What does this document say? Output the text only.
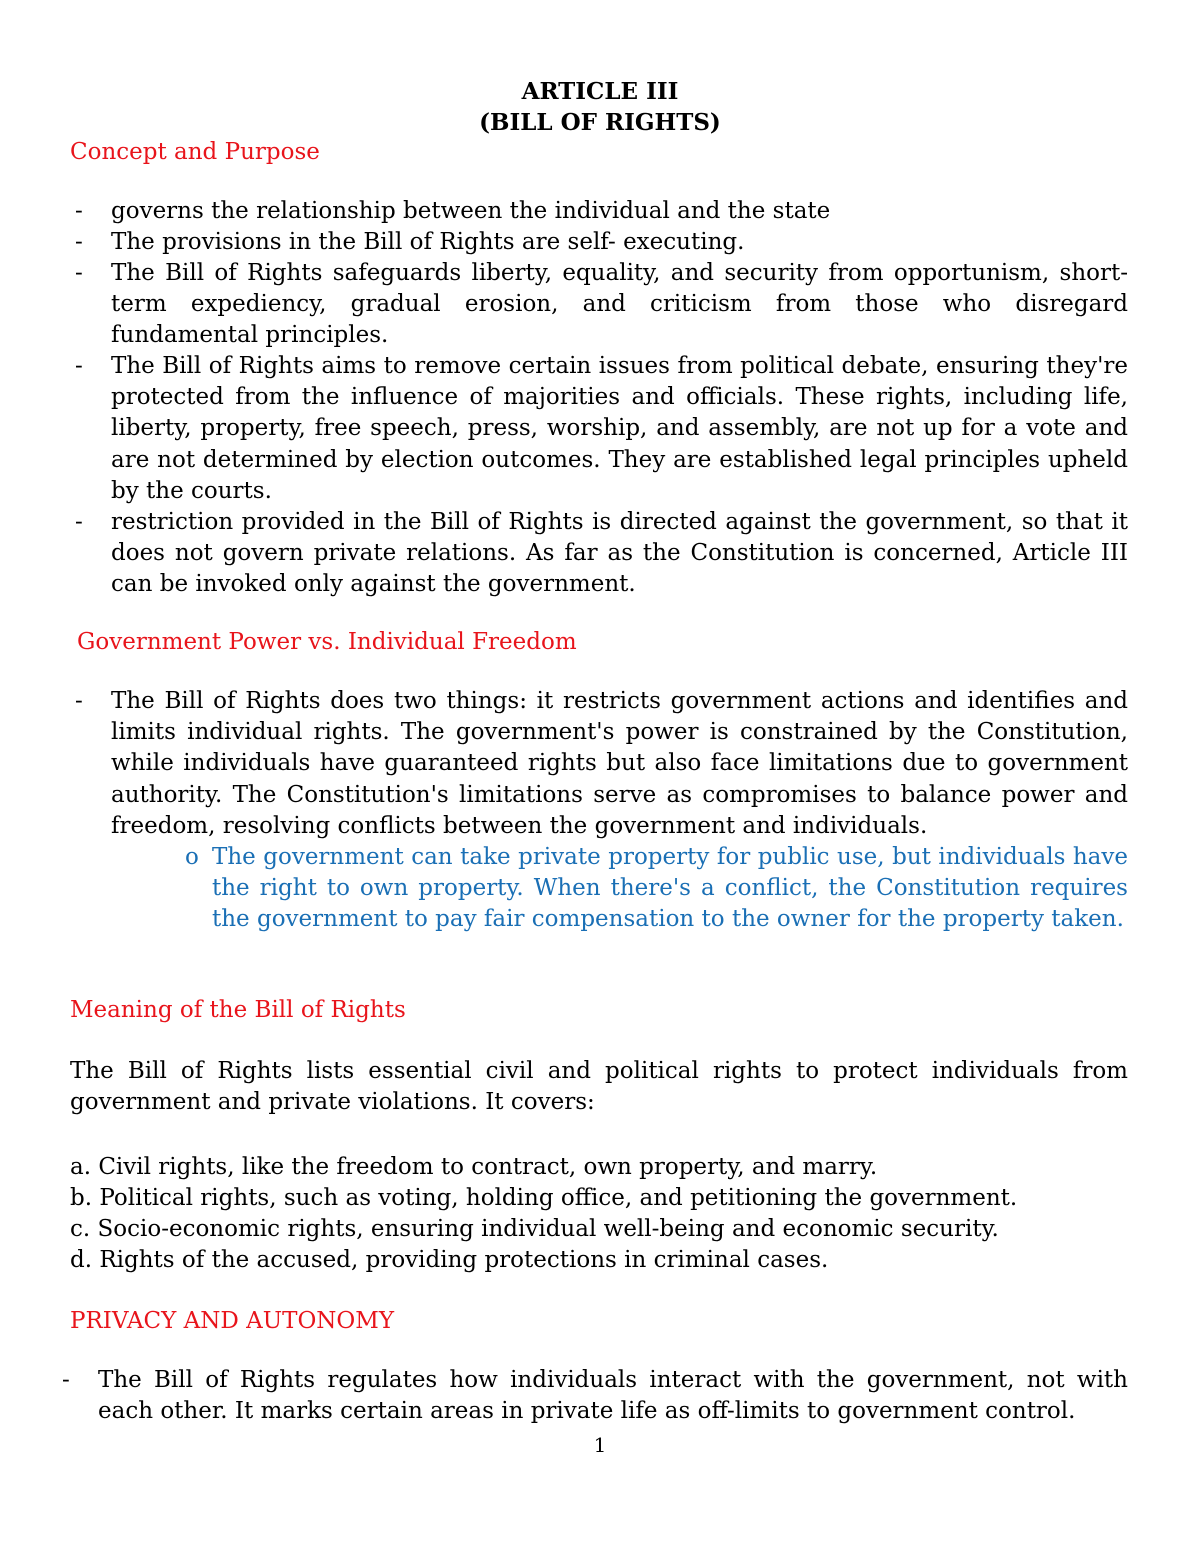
ARTICLE III
(BILL OF RIGHTS)
Concept and Purpose
- governs the relationship between the individual and the state
- The provisions in the Bill of Rights are self- executing.
- The Bill of Rights safeguards liberty, equality, and security from opportunism, short-term expediency, gradual erosion, and criticism from those who disregard fundamental principles.
- The Bill of Rights aims to remove certain issues from political debate, ensuring they're protected from the influence of majorities and officials. These rights, including life, liberty, property, free speech, press, worship, and assembly, are not up for a vote and are not determined by election outcomes. They are established legal principles upheld by the courts.
- restriction provided in the Bill of Rights is directed against the government, so that it does not govern private relations. As far as the Constitution is concerned, Article III can be invoked only against the government.
Government Power vs. Individual Freedom
- The Bill of Rights does two things: it restricts government actions and identifies and limits individual rights. The government's power is constrained by the Constitution, while individuals have guaranteed rights but also face limitations due to government authority. The Constitution's limitations serve as compromises to balance power and freedom, resolving conflicts between the government and individuals.
o The government can take private property for public use, but individuals have the right to own property. When there's a conflict, the Constitution requires the government to pay fair compensation to the owner for the property taken.
Meaning of the Bill of Rights
The Bill of Rights lists essential civil and political rights to protect individuals from government and private violations. It covers:
a. Civil rights, like the freedom to contract, own property, and marry.
b. Political rights, such as voting, holding office, and petitioning the government.
c. Socio-economic rights, ensuring individual well-being and economic security.
d. Rights of the accused, providing protections in criminal cases.
PRIVACY AND AUTONOMY
- The Bill of Rights regulates how individuals interact with the government, not with each other. It marks certain areas in private life as off-limits to government control.
1
